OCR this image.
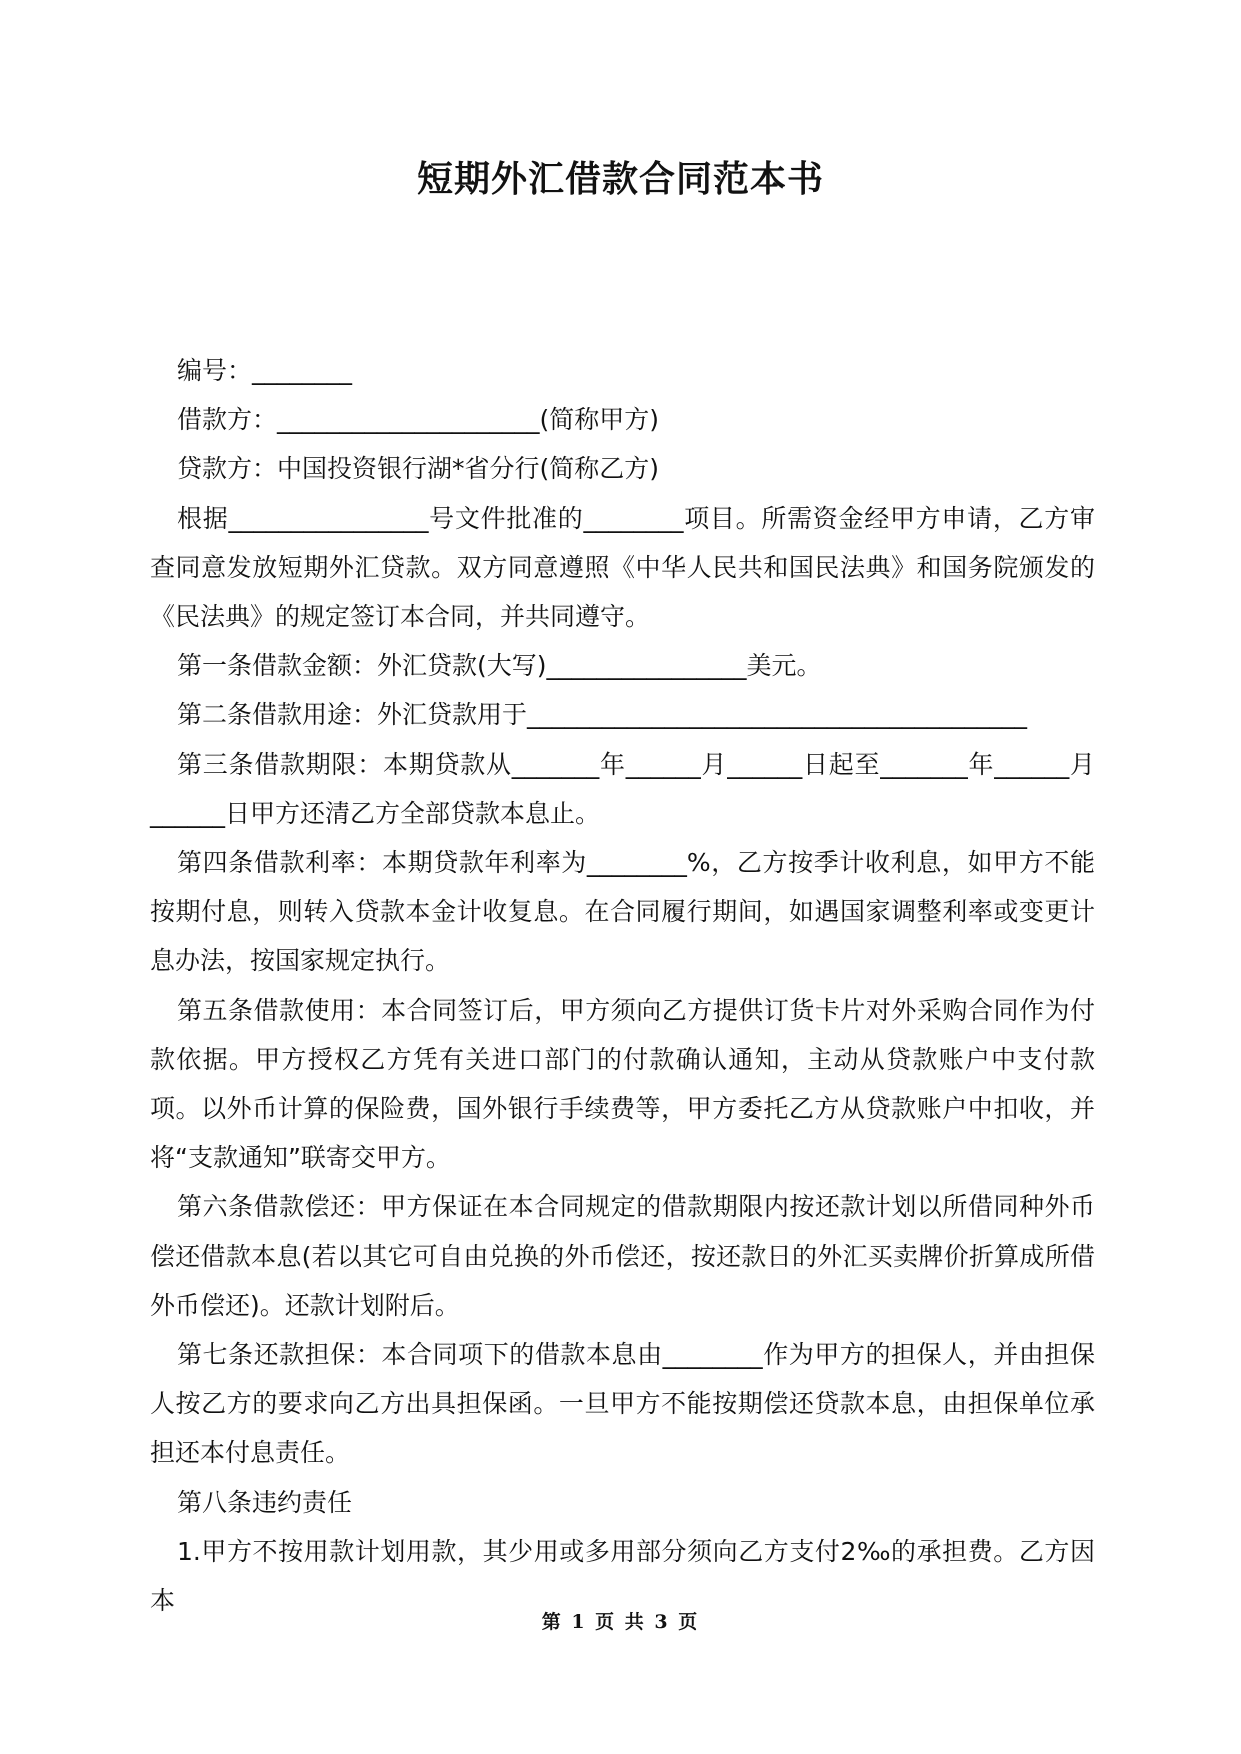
短期外汇借款合同范本书

编号：________

借款方：_____________________(简称甲方)

贷款方：中国投资银行湖*省分行(简称乙方)

根据________________号文件批准的________项目。所需资金经甲方申请，乙方审查同意发放短期外汇贷款。双方同意遵照《中华人民共和国民法典》和国务院颁发的《民法典》的规定签订本合同，并共同遵守。

第一条借款金额：外汇贷款(大写)________________美元。

第二条借款用途：外汇贷款用于________________________________________

第三条借款期限：本期贷款从_______年______月______日起至_______年______月______日甲方还清乙方全部贷款本息止。

第四条借款利率：本期贷款年利率为________%，乙方按季计收利息，如甲方不能按期付息，则转入贷款本金计收复息。在合同履行期间，如遇国家调整利率或变更计息办法，按国家规定执行。

第五条借款使用：本合同签订后，甲方须向乙方提供订货卡片对外采购合同作为付款依据。甲方授权乙方凭有关进口部门的付款确认通知，主动从贷款账户中支付款项。以外币计算的保险费，国外银行手续费等，甲方委托乙方从贷款账户中扣收，并将“支款通知”联寄交甲方。

第六条借款偿还：甲方保证在本合同规定的借款期限内按还款计划以所借同种外币偿还借款本息(若以其它可自由兑换的外币偿还，按还款日的外汇买卖牌价折算成所借外币偿还)。还款计划附后。

第七条还款担保：本合同项下的借款本息由________作为甲方的担保人，并由担保人按乙方的要求向乙方出具担保函。一旦甲方不能按期偿还贷款本息，由担保单位承担还本付息责任。

第八条违约责任

1.甲方不按用款计划用款，其少用或多用部分须向乙方支付2‰的承担费。乙方因本

第 1 页 共 3 页
